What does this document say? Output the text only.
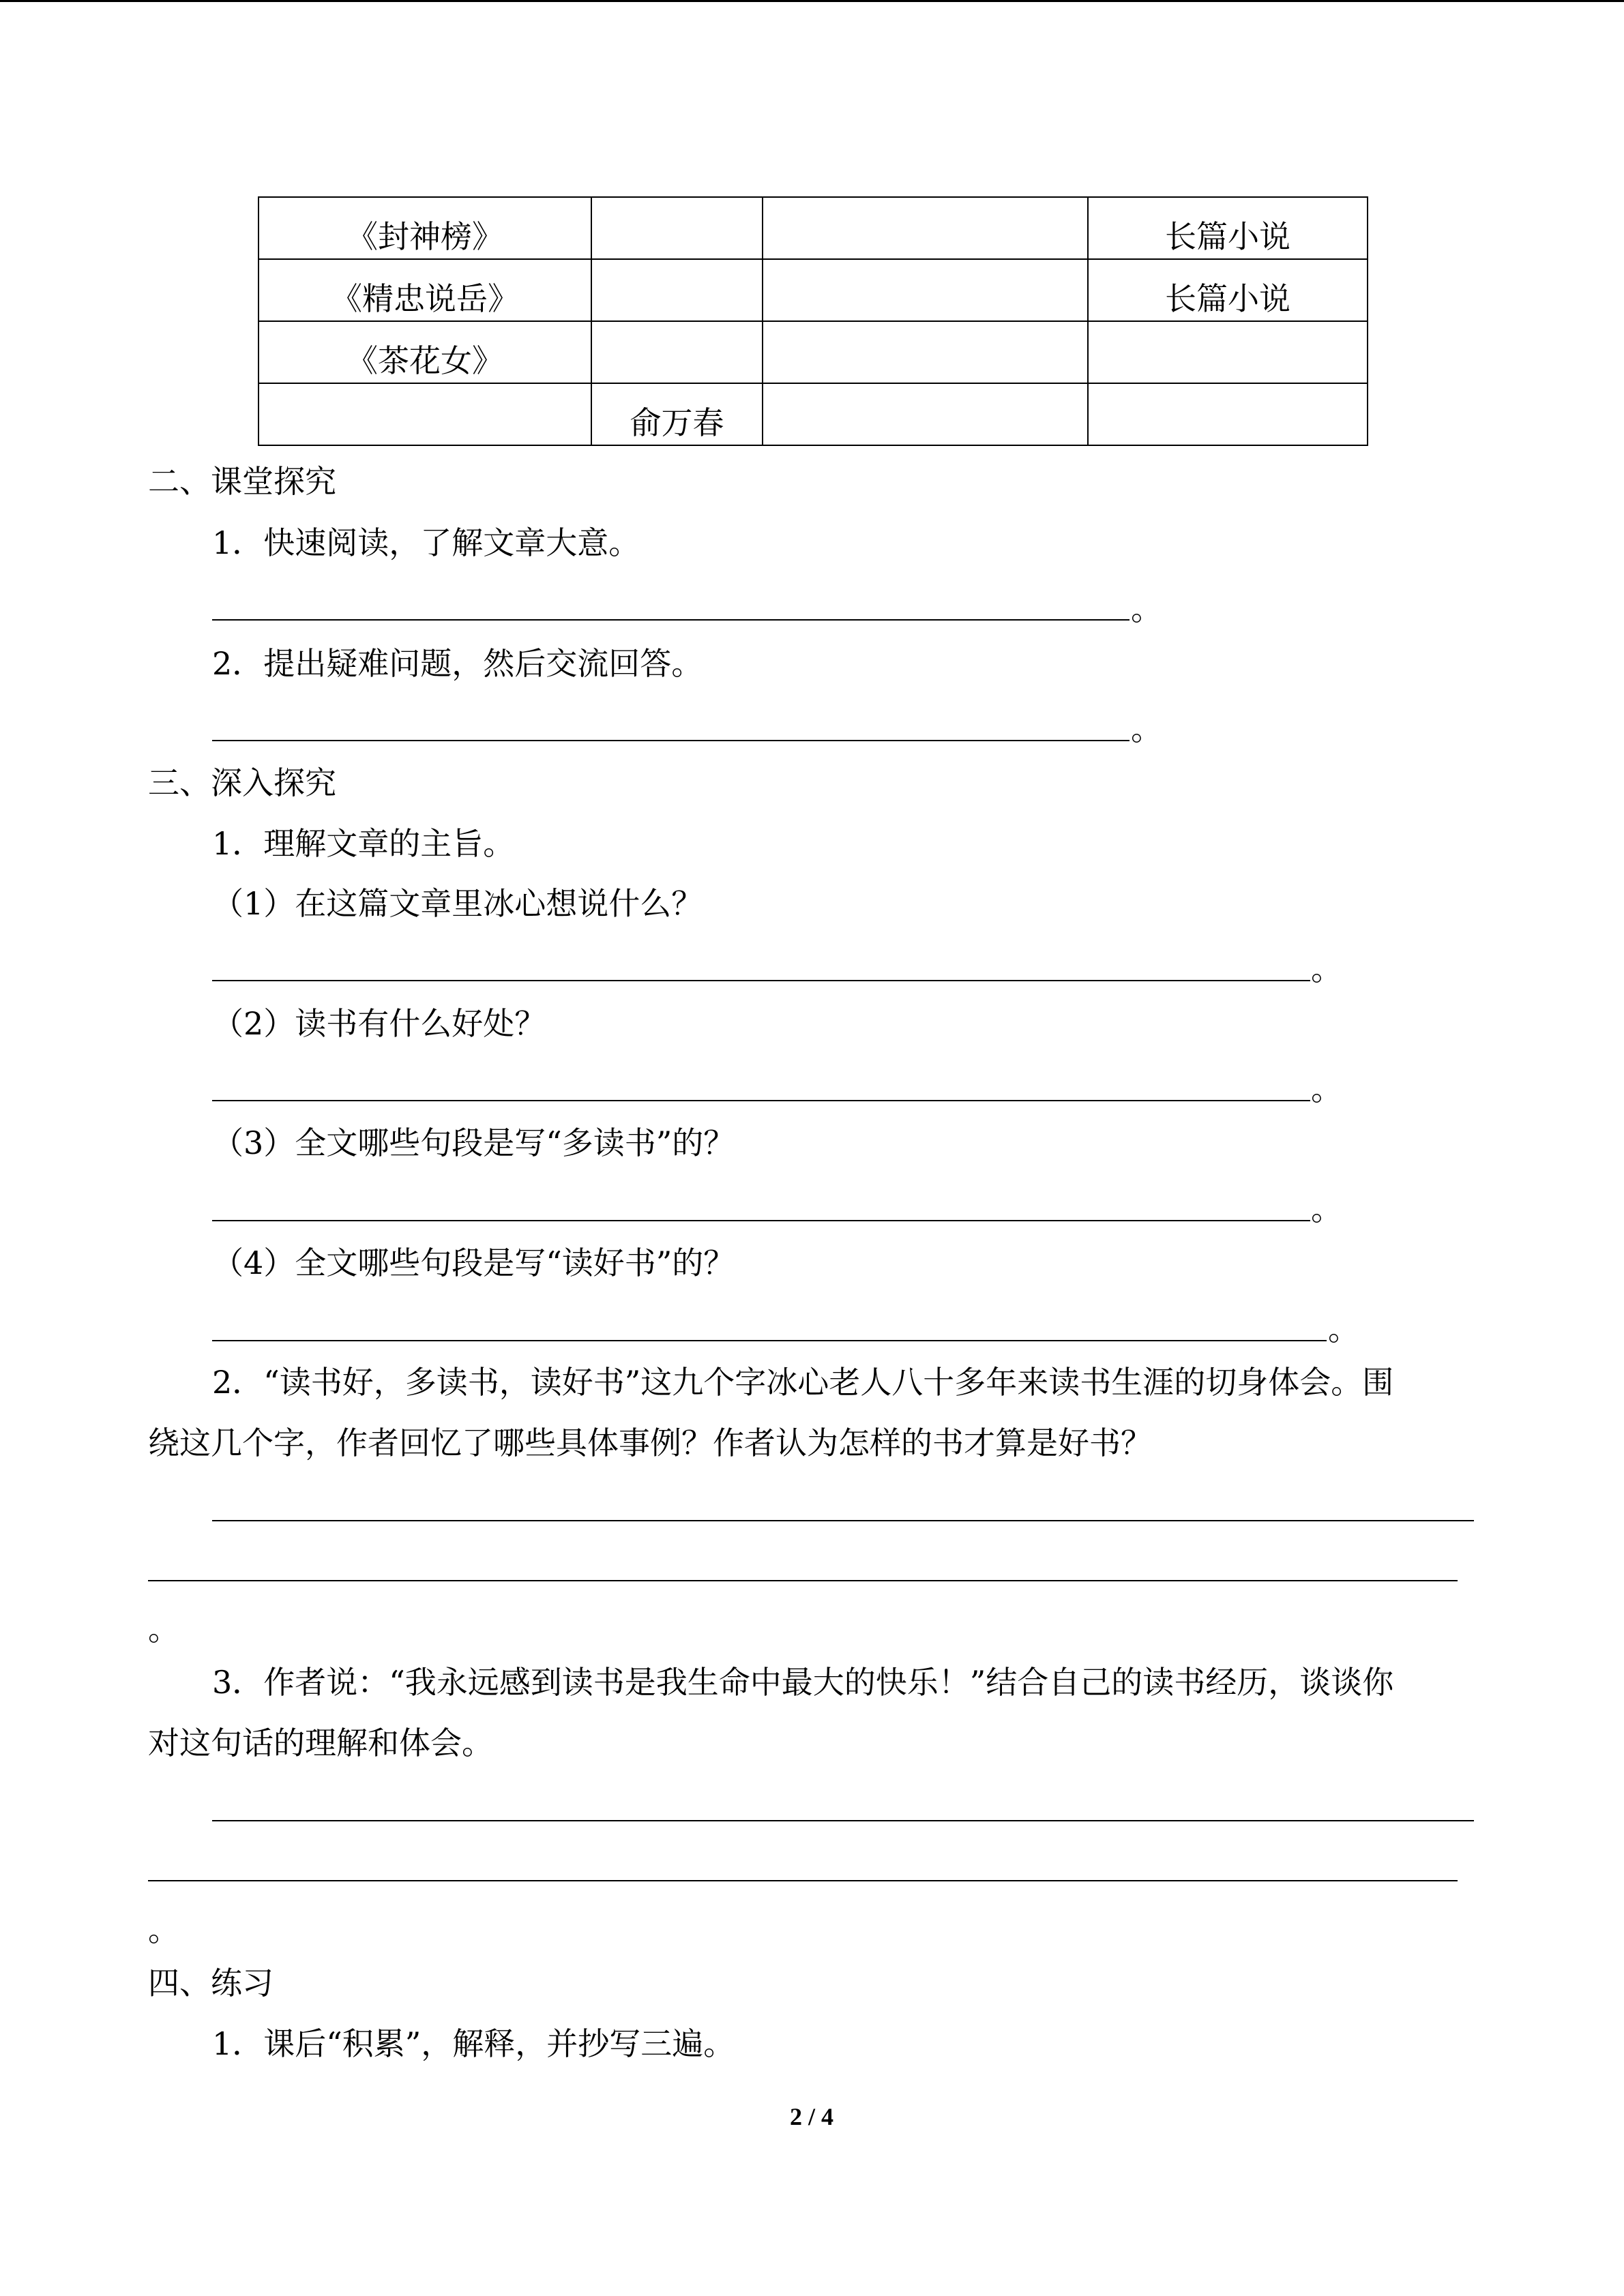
《封神榜》			长篇小说
《精忠说岳》			长篇小说
《茶花女》			
	俞万春		
二、课堂探究
1．快速阅读，了解文章大意。
。
2．提出疑难问题，然后交流回答。
。
三、深入探究
1．理解文章的主旨。
（1）在这篇文章里冰心想说什么？
。
（2）读书有什么好处？
。
（3）全文哪些句段是写“多读书”的？
。
（4）全文哪些句段是写“读好书”的？
。
2．“读书好，多读书，读好书”这九个字冰心老人八十多年来读书生涯的切身体会。围
绕这几个字，作者回忆了哪些具体事例？作者认为怎样的书才算是好书？
。
3．作者说：“我永远感到读书是我生命中最大的快乐！”结合自己的读书经历，谈谈你
对这句话的理解和体会。
。
四、练习
1．课后“积累”，解释，并抄写三遍。
2 / 4
